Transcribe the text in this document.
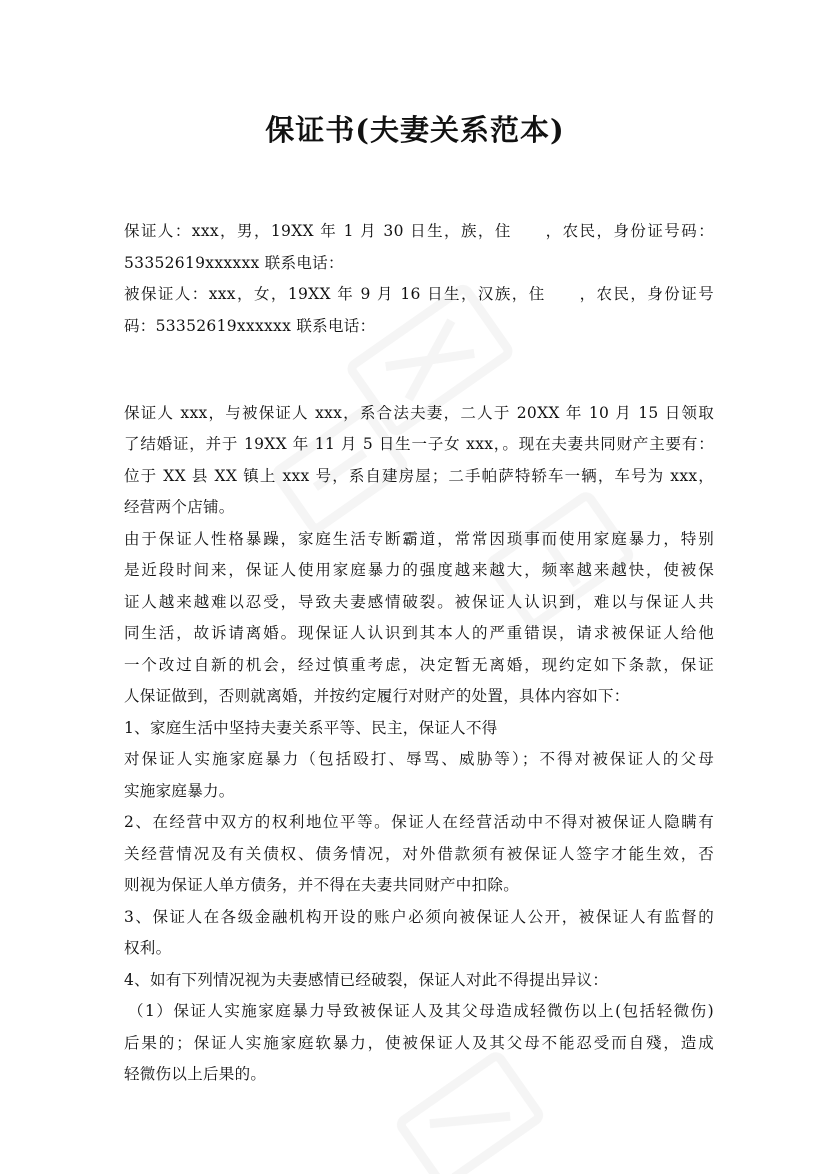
保证书(夫妻关系范本)
保证人：xxx，男，19XX 年 1 月 30 日生，族，住　　，农民，身份证号码：
53352619xxxxxx 联系电话：
被保证人：xxx，女，19XX 年 9 月 16 日生，汉族，住　　，农民，身份证号
码：53352619xxxxxx 联系电话：
保证人 xxx，与被保证人 xxx，系合法夫妻，二人于 20XX 年 10 月 15 日领取
了结婚证，并于 19XX 年 11 月 5 日生一子女 xxx，。现在夫妻共同财产主要有：
位于 XX 县 XX 镇上 xxx 号，系自建房屋；二手帕萨特轿车一辆，车号为 xxx，
经营两个店铺。
由于保证人性格暴躁，家庭生活专断霸道，常常因琐事而使用家庭暴力，特别
是近段时间来，保证人使用家庭暴力的强度越来越大，频率越来越快，使被保
证人越来越难以忍受，导致夫妻感情破裂。被保证人认识到，难以与保证人共
同生活，故诉请离婚。现保证人认识到其本人的严重错误，请求被保证人给他
一个改过自新的机会，经过慎重考虑，决定暂无离婚，现约定如下条款，保证
人保证做到，否则就离婚，并按约定履行对财产的处置，具体内容如下：
1、家庭生活中坚持夫妻关系平等、民主，保证人不得
对保证人实施家庭暴力（包括殴打、辱骂、威胁等）；不得对被保证人的父母
实施家庭暴力。
2、在经营中双方的权利地位平等。保证人在经营活动中不得对被保证人隐瞒有
关经营情况及有关债权、债务情况，对外借款须有被保证人签字才能生效，否
则视为保证人单方债务，并不得在夫妻共同财产中扣除。
3、保证人在各级金融机构开设的账户必须向被保证人公开，被保证人有监督的
权利。
4、如有下列情况视为夫妻感情已经破裂，保证人对此不得提出异议：
（1）保证人实施家庭暴力导致被保证人及其父母造成轻微伤以上(包括轻微伤)
后果的；保证人实施家庭软暴力，使被保证人及其父母不能忍受而自殘，造成
轻微伤以上后果的。
